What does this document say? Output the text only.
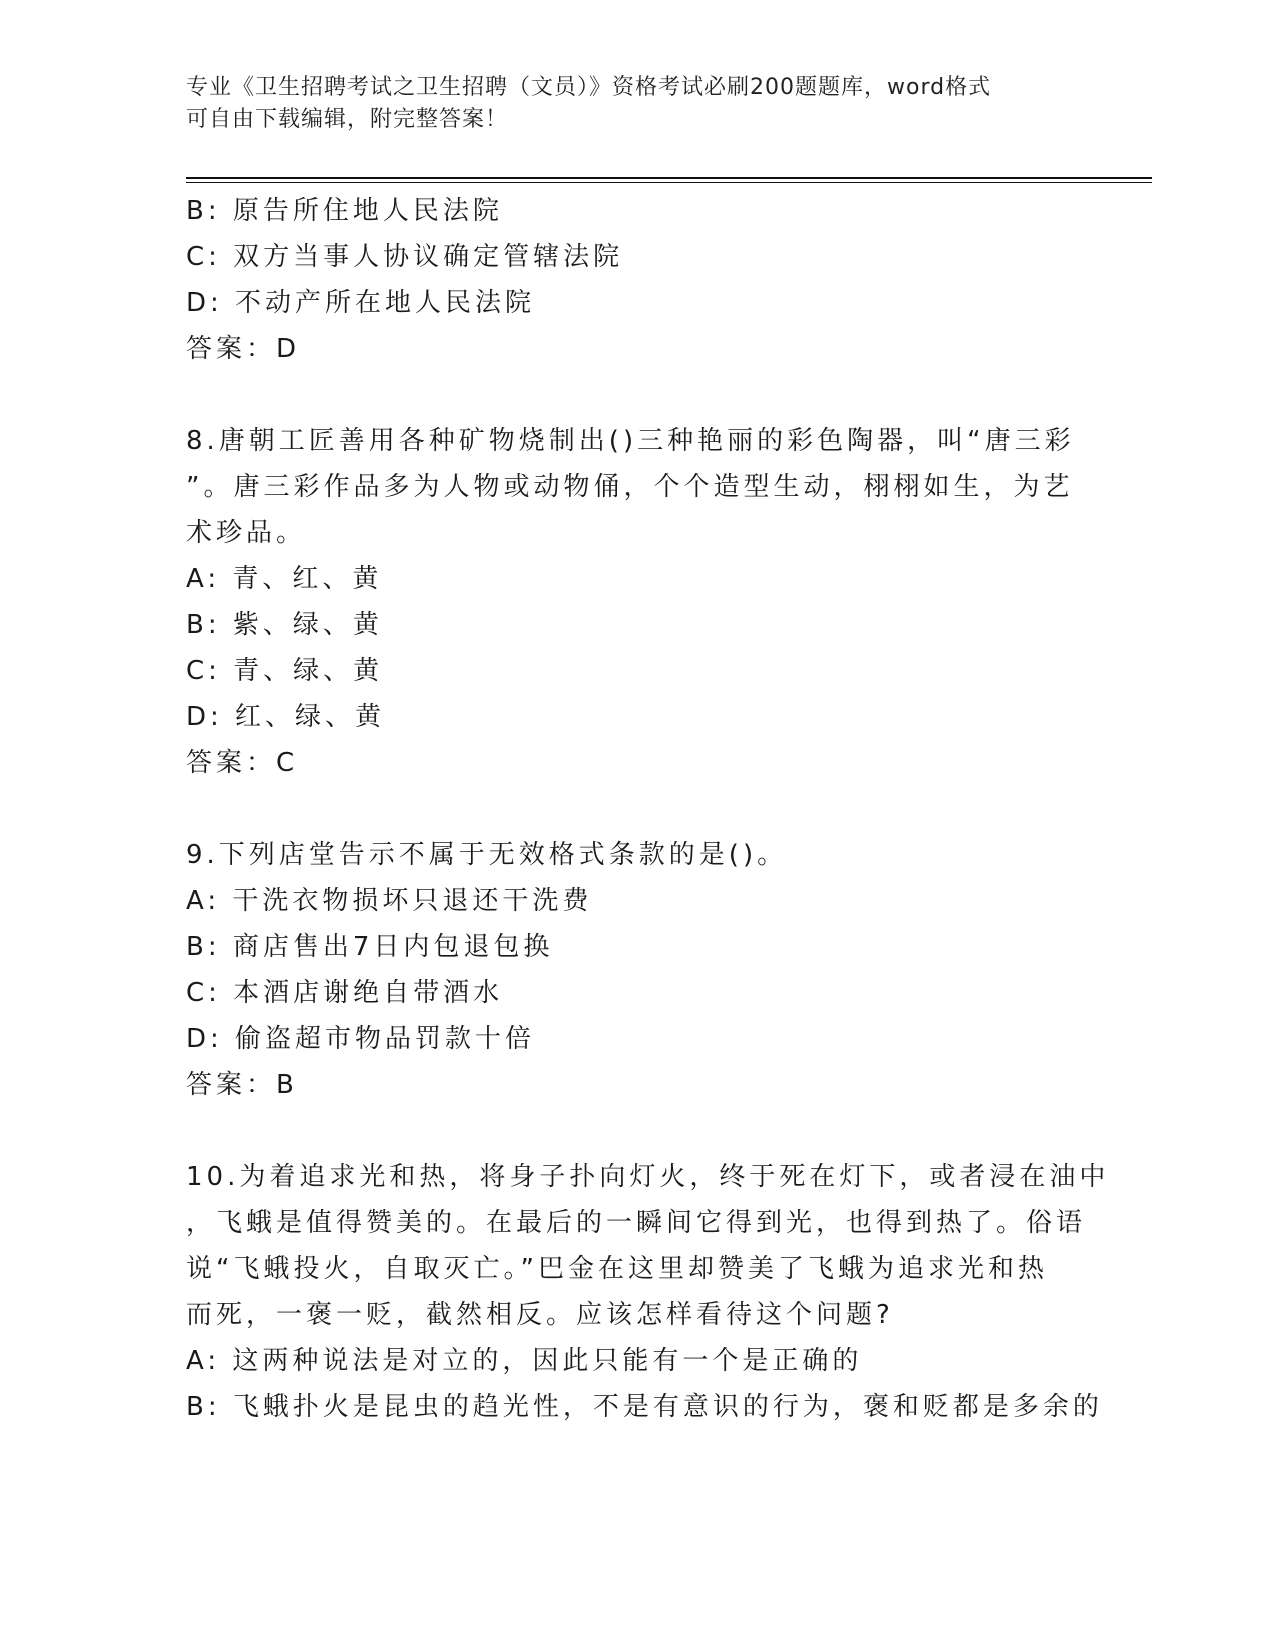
专业《卫生招聘考试之卫生招聘（文员）》资格考试必刷200题题库，word格式
可自由下载编辑，附完整答案！

B: 原告所住地人民法院

C: 双方当事人协议确定管辖法院

D: 不动产所在地人民法院

答案：D

8.唐朝工匠善用各种矿物烧制出()三种艳丽的彩色陶器，叫“唐三彩

”。唐三彩作品多为人物或动物俑，个个造型生动，栩栩如生，为艺

术珍品。

A: 青、红、黄

B: 紫、绿、黄

C: 青、绿、黄

D: 红、绿、黄

答案：C

9.下列店堂告示不属于无效格式条款的是()。

A: 干洗衣物损坏只退还干洗费

B: 商店售出7日内包退包换

C: 本酒店谢绝自带酒水

D: 偷盗超市物品罚款十倍

答案：B

10.为着追求光和热，将身子扑向灯火，终于死在灯下，或者浸在油中

，飞蛾是值得赞美的。在最后的一瞬间它得到光，也得到热了。俗语

说“飞蛾投火，自取灭亡。”巴金在这里却赞美了飞蛾为追求光和热

而死，一褒一贬，截然相反。应该怎样看待这个问题?

A: 这两种说法是对立的，因此只能有一个是正确的

B: 飞蛾扑火是昆虫的趋光性，不是有意识的行为，褒和贬都是多余的
